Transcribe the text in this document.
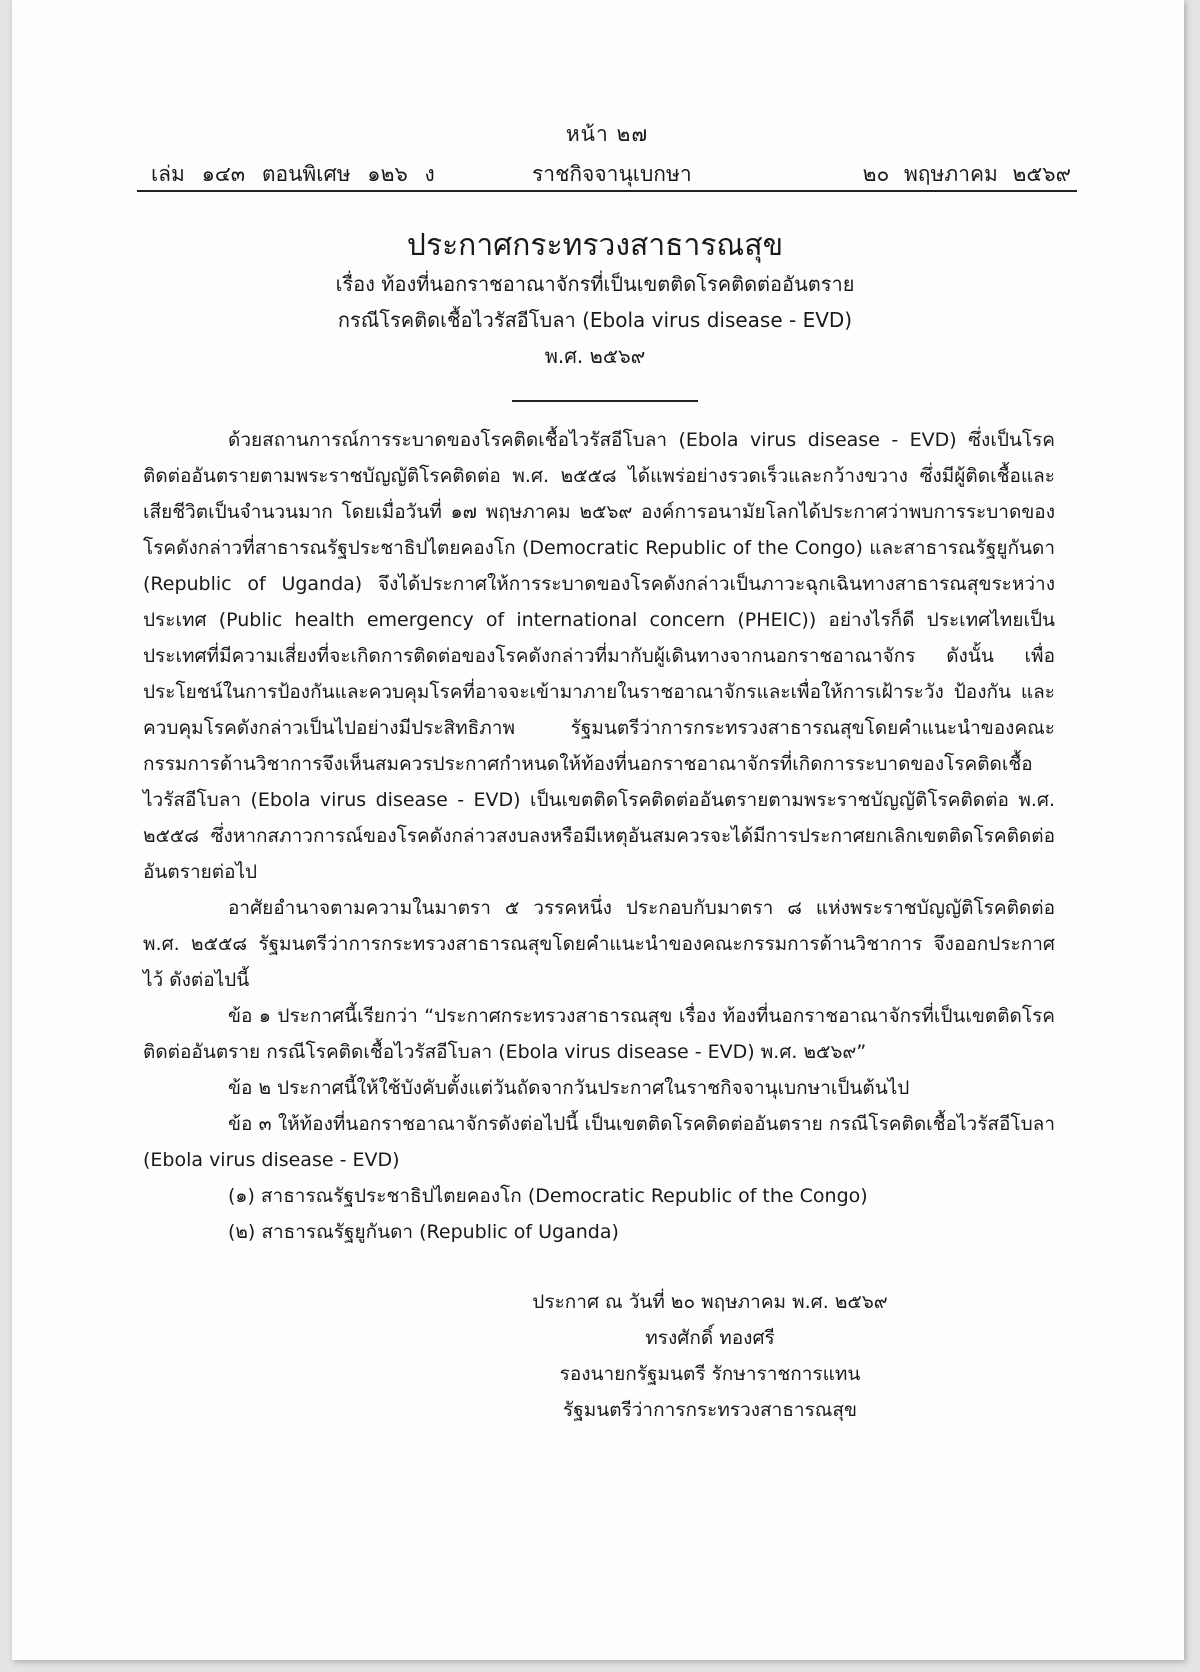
หน้า ๒๗
เล่ม ๑๔๓ ตอนพิเศษ ๑๒๖ ง	ราชกิจจานุเบกษา	๒๐ พฤษภาคม ๒๕๖๙

ประกาศกระทรวงสาธารณสุข

เรื่อง ท้องที่นอกราชอาณาจักรที่เป็นเขตติดโรคติดต่ออันตราย

กรณีโรคติดเชื้อไวรัสอีโบลา (Ebola virus disease - EVD)

พ.ศ. ๒๕๖๙

ด้วยสถานการณ์การระบาดของโรคติดเชื้อไวรัสอีโบลา (Ebola virus disease - EVD) ซึ่งเป็นโรคติดต่ออันตรายตามพระราชบัญญัติโรคติดต่อ พ.ศ. ๒๕๕๘ ได้แพร่อย่างรวดเร็วและกว้างขวาง ซึ่งมีผู้ติดเชื้อและเสียชีวิตเป็นจำนวนมาก โดยเมื่อวันที่ ๑๗ พฤษภาคม ๒๕๖๙ องค์การอนามัยโลกได้ประกาศว่าพบการระบาดของโรคดังกล่าวที่สาธารณรัฐประชาธิปไตยคองโก (Democratic Republic of the Congo) และสาธารณรัฐยูกันดา (Republic of Uganda) จึงได้ประกาศให้การระบาดของโรคดังกล่าวเป็นภาวะฉุกเฉินทางสาธารณสุขระหว่างประเทศ (Public health emergency of international concern (PHEIC)) อย่างไรก็ดี ประเทศไทยเป็นประเทศที่มีความเสี่ยงที่จะเกิดการติดต่อของโรคดังกล่าวที่มากับผู้เดินทางจากนอกราชอาณาจักร ดังนั้น เพื่อประโยชน์ในการป้องกันและควบคุมโรคที่อาจจะเข้ามาภายในราชอาณาจักรและเพื่อให้การเฝ้าระวัง ป้องกัน และควบคุมโรคดังกล่าวเป็นไปอย่างมีประสิทธิภาพ รัฐมนตรีว่าการกระทรวงสาธารณสุขโดยคำแนะนำของคณะกรรมการด้านวิชาการจึงเห็นสมควรประกาศกำหนดให้ท้องที่นอกราชอาณาจักรที่เกิดการระบาดของโรคติดเชื้อไวรัสอีโบลา (Ebola virus disease - EVD) เป็นเขตติดโรคติดต่ออันตรายตามพระราชบัญญัติโรคติดต่อ พ.ศ. ๒๕๕๘ ซึ่งหากสภาวการณ์ของโรคดังกล่าวสงบลงหรือมีเหตุอันสมควรจะได้มีการประกาศยกเลิกเขตติดโรคติดต่ออันตรายต่อไป

อาศัยอำนาจตามความในมาตรา ๕ วรรคหนึ่ง ประกอบกับมาตรา ๘ แห่งพระราชบัญญัติโรคติดต่อ พ.ศ. ๒๕๕๘ รัฐมนตรีว่าการกระทรวงสาธารณสุขโดยคำแนะนำของคณะกรรมการด้านวิชาการ จึงออกประกาศไว้ ดังต่อไปนี้

ข้อ ๑ ประกาศนี้เรียกว่า “ประกาศกระทรวงสาธารณสุข เรื่อง ท้องที่นอกราชอาณาจักรที่เป็นเขตติดโรคติดต่ออันตราย กรณีโรคติดเชื้อไวรัสอีโบลา (Ebola virus disease - EVD) พ.ศ. ๒๕๖๙”

ข้อ ๒ ประกาศนี้ให้ใช้บังคับตั้งแต่วันถัดจากวันประกาศในราชกิจจานุเบกษาเป็นต้นไป

ข้อ ๓ ให้ท้องที่นอกราชอาณาจักรดังต่อไปนี้ เป็นเขตติดโรคติดต่ออันตราย กรณีโรคติดเชื้อไวรัสอีโบลา (Ebola virus disease - EVD)

(๑) สาธารณรัฐประชาธิปไตยคองโก (Democratic Republic of the Congo)

(๒) สาธารณรัฐยูกันดา (Republic of Uganda)

ประกาศ ณ วันที่ ๒๐ พฤษภาคม พ.ศ. ๒๕๖๙

ทรงศักดิ์ ทองศรี

รองนายกรัฐมนตรี รักษาราชการแทน

รัฐมนตรีว่าการกระทรวงสาธารณสุข
